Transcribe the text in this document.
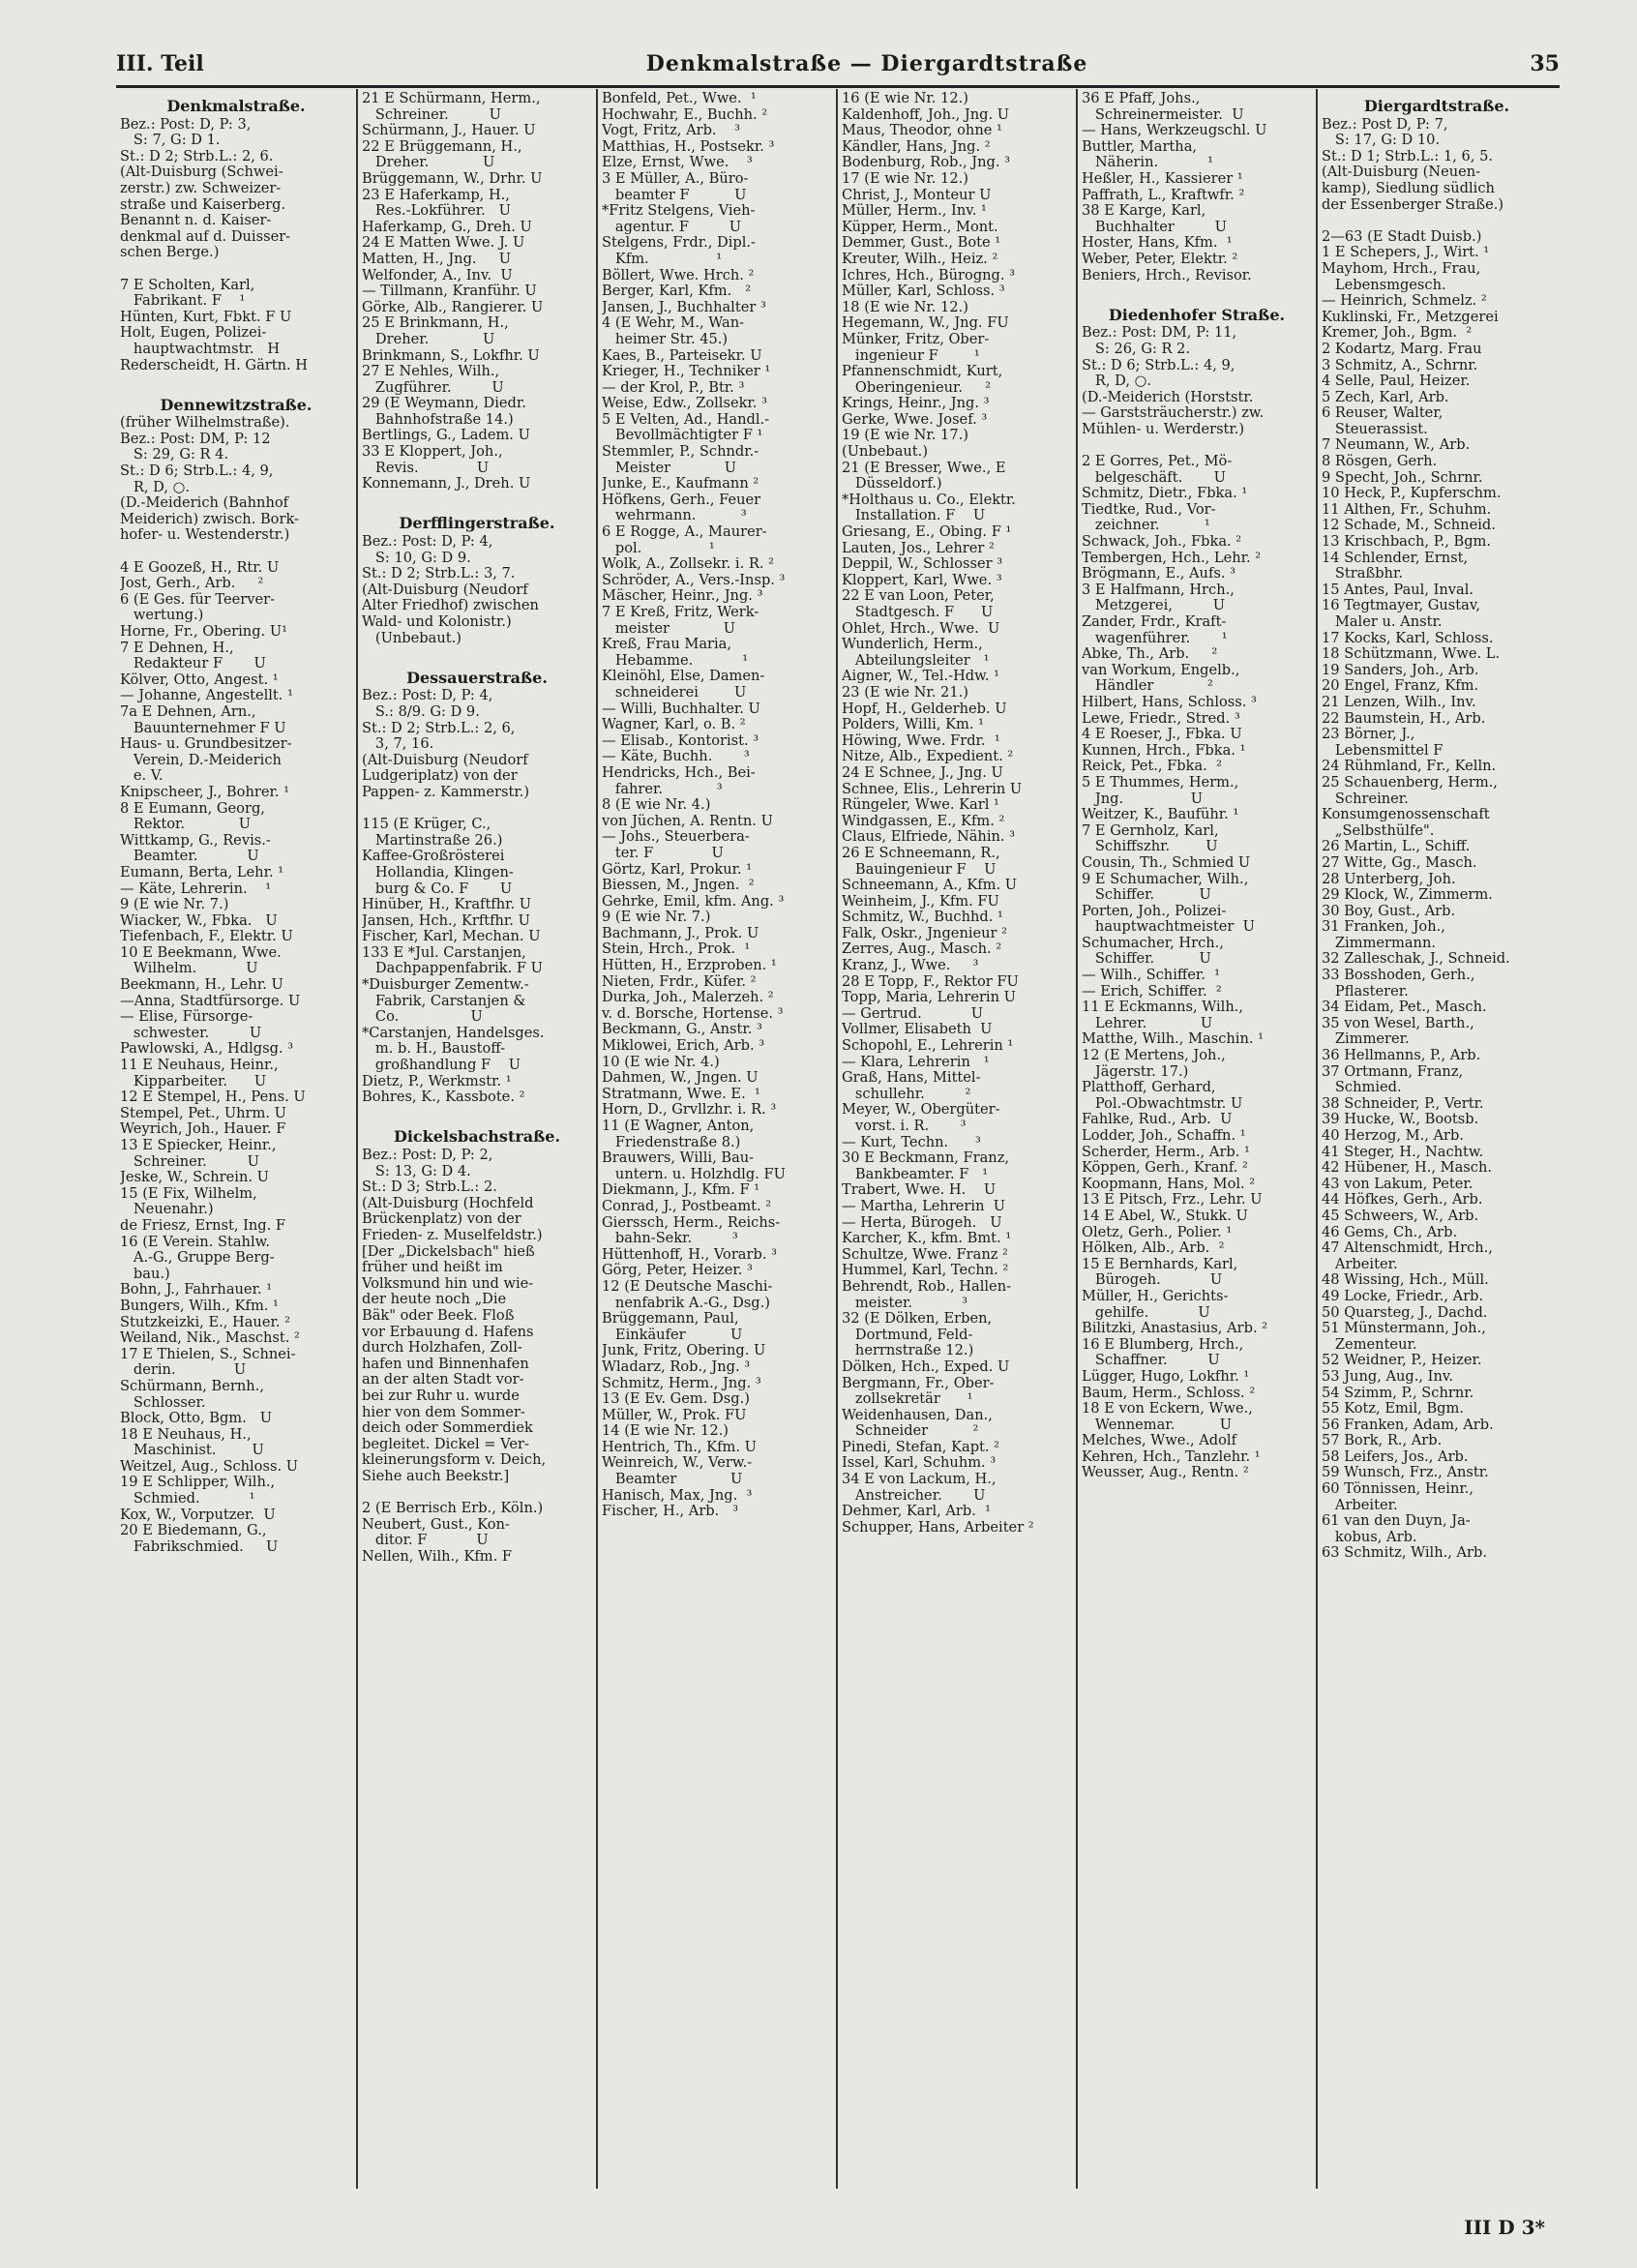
III. Teil	Denkmalstraße — Diergardtstraße	35
Denkmalstraße.
Bez.: Post: D, P: 3,
S: 7, G: D 1.
St.: D 2; Strb.L.: 2, 6.
(Alt-Duisburg (Schwei-
zerstr.) zw. Schweizer-
straße und Kaiserberg.
Benannt n. d. Kaiser-
denkmal auf d. Duisser-
schen Berge.)

7 E Scholten, Karl,
Fabrikant. F    ¹
Hünten, Kurt, Fbkt. F U
Holt, Eugen, Polizei-
hauptwachtmstr.   H
Rederscheidt, H. Gärtn. H

Dennewitzstraße.
(früher Wilhelmstraße).
Bez.: Post: DM, P: 12
S: 29, G: R 4.
St.: D 6; Strb.L.: 4, 9,
R, D, ○.
(D.-Meiderich (Bahnhof
Meiderich) zwisch. Bork-
hofer- u. Westenderstr.)

4 E Goozeß, H., Rtr. U
Jost, Gerh., Arb.     ²
6 (E Ges. für Teerver-
wertung.)
Horne, Fr., Obering. U¹
7 E Dehnen, H.,
Redakteur F       U
Kölver, Otto, Angest. ¹
— Johanne, Angestellt. ¹
7a E Dehnen, Arn.,
Bauunternehmer F U
Haus- u. Grundbesitzer-
Verein, D.-Meiderich
e. V.
Knipscheer, J., Bohrer. ¹
8 E Eumann, Georg,
Rektor.            U
Wittkamp, G., Revis.-
Beamter.           U
Eumann, Berta, Lehr. ¹
— Käte, Lehrerin.    ¹
9 (E wie Nr. 7.)
Wiacker, W., Fbka.   U
Tiefenbach, F., Elektr. U
10 E Beekmann, Wwe.
Wilhelm.           U
Beekmann, H., Lehr. U
—Anna, Stadtfürsorge. U
— Elise, Fürsorge-
schwester.         U
Pawlowski, A., Hdlgsg. ³
11 E Neuhaus, Heinr.,
Kipparbeiter.      U
12 E Stempel, H., Pens. U
Stempel, Pet., Uhrm. U
Weyrich, Joh., Hauer. F
13 E Spiecker, Heinr.,
Schreiner.         U
Jeske, W., Schrein. U
15 (E Fix, Wilhelm,
Neuenahr.)
de Friesz, Ernst, Ing. F
16 (E Verein. Stahlw.
A.-G., Gruppe Berg-
bau.)
Bohn, J., Fahrhauer. ¹
Bungers, Wilh., Kfm. ¹
Stutzkeizki, E., Hauer. ²
Weiland, Nik., Maschst. ²
17 E Thielen, S., Schnei-
derin.             U
Schürmann, Bernh.,
Schlosser.
Block, Otto, Bgm.   U
18 E Neuhaus, H.,
Maschinist.        U
Weitzel, Aug., Schloss. U
19 E Schlipper, Wilh.,
Schmied.           ¹
Kox, W., Vorputzer.  U
20 E Biedemann, G.,
Fabrikschmied.     U
21 E Schürmann, Herm.,
Schreiner.         U
Schürmann, J., Hauer. U
22 E Brüggemann, H.,
Dreher.            U
Brüggemann, W., Drhr. U
23 E Haferkamp, H.,
Res.-Lokführer.   U
Haferkamp, G., Dreh. U
24 E Matten Wwe. J. U
Matten, H., Jng.     U
Welfonder, A., Inv.  U
— Tillmann, Kranführ. U
Görke, Alb., Rangierer. U
25 E Brinkmann, H.,
Dreher.            U
Brinkmann, S., Lokfhr. U
27 E Nehles, Wilh.,
Zugführer.         U
29 (E Weymann, Diedr.
Bahnhofstraße 14.)
Bertlings, G., Ladem. U
33 E Kloppert, Joh.,
Revis.             U
Konnemann, J., Dreh. U

Derfflingerstraße.
Bez.: Post: D, P: 4,
S: 10, G: D 9.
St.: D 2; Strb.L.: 3, 7.
(Alt-Duisburg (Neudorf
Alter Friedhof) zwischen
Wald- und Kolonistr.)
(Unbebaut.)

Dessauerstraße.
Bez.: Post: D, P: 4,
S.: 8/9. G: D 9.
St.: D 2; Strb.L.: 2, 6,
3, 7, 16.
(Alt-Duisburg (Neudorf
Ludgeriplatz) von der
Pappen- z. Kammerstr.)

115 (E Krüger, C.,
Martinstraße 26.)
Kaffee-Großrösterei
Hollandia, Klingen-
burg & Co. F       U
Hinüber, H., Kraftfhr. U
Jansen, Hch., Krftfhr. U
Fischer, Karl, Mechan. U
133 E *Jul. Carstanjen,
Dachpappenfabrik. F U
*Duisburger Zementw.-
Fabrik, Carstanjen &
Co.                U
*Carstanjen, Handelsges.
m. b. H., Baustoff-
großhandlung F    U
Dietz, P., Werkmstr. ¹
Bohres, K., Kassbote. ²

Dickelsbachstraße.
Bez.: Post: D, P: 2,
S: 13, G: D 4.
St.: D 3; Strb.L.: 2.
(Alt-Duisburg (Hochfeld
Brückenplatz) von der
Frieden- z. Muselfeldstr.)
[Der „Dickelsbach" hieß
früher und heißt im
Volksmund hin und wie-
der heute noch „Die
Bäk" oder Beek. Floß
vor Erbauung d. Hafens
durch Holzhafen, Zoll-
hafen und Binnenhafen
an der alten Stadt vor-
bei zur Ruhr u. wurde
hier von dem Sommer-
deich oder Sommerdiek
begleitet. Dickel = Ver-
kleinerungsform v. Deich,
Siehe auch Beekstr.]

2 (E Berrisch Erb., Köln.)
Neubert, Gust., Kon-
ditor. F           U
Nellen, Wilh., Kfm. F
Bonfeld, Pet., Wwe.  ¹
Hochwahr, E., Buchh. ²
Vogt, Fritz, Arb.    ³
Matthias, H., Postsekr. ³
Elze, Ernst, Wwe.    ³
3 E Müller, A., Büro-
beamter F          U
*Fritz Stelgens, Vieh-
agentur. F         U
Stelgens, Frdr., Dipl.-
Kfm.               ¹
Böllert, Wwe. Hrch. ²
Berger, Karl, Kfm.   ²
Jansen, J., Buchhalter ³
4 (E Wehr, M., Wan-
heimer Str. 45.)
Kaes, B., Parteisekr. U
Krieger, H., Techniker ¹
— der Krol, P., Btr. ³
Weise, Edw., Zollsekr. ³
5 E Velten, Ad., Handl.-
Bevollmächtigter F ¹
Stemmler, P., Schndr.-
Meister            U
Junke, E., Kaufmann ²
Höfkens, Gerh., Feuer
wehrmann.          ³
6 E Rogge, A., Maurer-
pol.               ¹
Wolk, A., Zollsekr. i. R. ²
Schröder, A., Vers.-Insp. ³
Mäscher, Heinr., Jng. ³
7 E Kreß, Fritz, Werk-
meister            U
Kreß, Frau Maria,
Hebamme.           ¹
Kleinöhl, Else, Damen-
schneiderei        U
— Willi, Buchhalter. U
Wagner, Karl, o. B. ²
— Elisab., Kontorist. ³
— Käte, Buchh.       ³
Hendricks, Hch., Bei-
fahrer.            ³
8 (E wie Nr. 4.)
von Jüchen, A. Rentn. U
— Johs., Steuerbera-
ter. F             U
Görtz, Karl, Prokur. ¹
Biessen, M., Jngen.  ²
Gehrke, Emil, kfm. Ang. ³
9 (E wie Nr. 7.)
Bachmann, J., Prok. U
Stein, Hrch., Prok.  ¹
Hütten, H., Erzproben. ¹
Nieten, Frdr., Küfer. ²
Durka, Joh., Malerzeh. ²
v. d. Borsche, Hortense. ³
Beckmann, G., Anstr. ³
Miklowei, Erich, Arb. ³
10 (E wie Nr. 4.)
Dahmen, W., Jngen. U
Stratmann, Wwe. E.  ¹
Horn, D., Grvllzhr. i. R. ³
11 (E Wagner, Anton,
Friedenstraße 8.)
Brauwers, Willi, Bau-
untern. u. Holzhdlg. FU
Diekmann, J., Kfm. F ¹
Conrad, J., Postbeamt. ²
Gierssch, Herm., Reichs-
bahn-Sekr.         ³
Hüttenhoff, H., Vorarb. ³
Görg, Peter, Heizer. ³
12 (E Deutsche Maschi-
nenfabrik A.-G., Dsg.)
Brüggemann, Paul,
Einkäufer          U
Junk, Fritz, Obering. U
Wladarz, Rob., Jng. ³
Schmitz, Herm., Jng. ³
13 (E Ev. Gem. Dsg.)
Müller, W., Prok. FU
14 (E wie Nr. 12.)
Hentrich, Th., Kfm. U
Weinreich, W., Verw.-
Beamter            U
Hanisch, Max, Jng.  ³
Fischer, H., Arb.   ³
16 (E wie Nr. 12.)
Kaldenhoff, Joh., Jng. U
Maus, Theodor, ohne ¹
Kändler, Hans, Jng. ²
Bodenburg, Rob., Jng. ³
17 (E wie Nr. 12.)
Christ, J., Monteur U
Müller, Herm., Inv. ¹
Küpper, Herm., Mont.
Demmer, Gust., Bote ¹
Kreuter, Wilh., Heiz. ²
Ichres, Hch., Bürogng. ³
Müller, Karl, Schloss. ³
18 (E wie Nr. 12.)
Hegemann, W., Jng. FU
Münker, Fritz, Ober-
ingenieur F        ¹
Pfannenschmidt, Kurt,
Oberingenieur.     ²
Krings, Heinr., Jng. ³
Gerke, Wwe. Josef. ³
19 (E wie Nr. 17.)
(Unbebaut.)
21 (E Bresser, Wwe., E
Düsseldorf.)
*Holthaus u. Co., Elektr.
Installation. F    U
Griesang, E., Obing. F ¹
Lauten, Jos., Lehrer ²
Deppil, W., Schlosser ³
Kloppert, Karl, Wwe. ³
22 E van Loon, Peter,
Stadtgesch. F      U
Ohlet, Hrch., Wwe.  U
Wunderlich, Herm.,
Abteilungsleiter   ¹
Aigner, W., Tel.-Hdw. ¹
23 (E wie Nr. 21.)
Hopf, H., Gelderheb. U
Polders, Willi, Km. ¹
Höwing, Wwe. Frdr.  ¹
Nitze, Alb., Expedient. ²
24 E Schnee, J., Jng. U
Schnee, Elis., Lehrerin U
Rüngeler, Wwe. Karl ¹
Windgassen, E., Kfm. ²
Claus, Elfriede, Nähin. ³
26 E Schneemann, R.,
Bauingenieur F    U
Schneemann, A., Kfm. U
Weinheim, J., Kfm. FU
Schmitz, W., Buchhd. ¹
Falk, Oskr., Jngenieur ²
Zerres, Aug., Masch. ²
Kranz, J., Wwe.     ³
28 E Topp, F., Rektor FU
Topp, Maria, Lehrerin U
— Gertrud.           U
Vollmer, Elisabeth  U
Schopohl, E., Lehrerin ¹
— Klara, Lehrerin   ¹
Graß, Hans, Mittel-
schullehr.         ²
Meyer, W., Obergüter-
vorst. i. R.       ³
— Kurt, Techn.      ³
30 E Beckmann, Franz,
Bankbeamter. F   ¹
Trabert, Wwe. H.    U
— Martha, Lehrerin  U
— Herta, Bürogeh.   U
Karcher, K., kfm. Bmt. ¹
Schultze, Wwe. Franz ²
Hummel, Karl, Techn. ²
Behrendt, Rob., Hallen-
meister.           ³
32 (E Dölken, Erben,
Dortmund, Feld-
herrnstraße 12.)
Dölken, Hch., Exped. U
Bergmann, Fr., Ober-
zollsekretär      ¹
Weidenhausen, Dan.,
Schneider          ²
Pinedi, Stefan, Kapt. ²
Issel, Karl, Schuhm. ³
34 E von Lackum, H.,
Anstreicher.       U
Dehmer, Karl, Arb.  ¹
Schupper, Hans, Arbeiter ²
36 E Pfaff, Johs.,
Schreinermeister.  U
— Hans, Werkzeugschl. U
Buttler, Martha,
Näherin.           ¹
Heßler, H., Kassierer ¹
Paffrath, L., Kraftwfr. ²
38 E Karge, Karl,
Buchhalter         U
Hoster, Hans, Kfm.  ¹
Weber, Peter, Elektr. ²
Beniers, Hrch., Revisor.

Diedenhofer Straße.
Bez.: Post: DM, P: 11,
S: 26, G: R 2.
St.: D 6; Strb.L.: 4, 9,
R, D, ○.
(D.-Meiderich (Horststr.
— Garststräucherstr.) zw.
Mühlen- u. Werderstr.)

2 E Gorres, Pet., Mö-
belgeschäft.       U
Schmitz, Dietr., Fbka. ¹
Tiedtke, Rud., Vor-
zeichner.          ¹
Schwack, Joh., Fbka. ²
Tembergen, Hch., Lehr. ²
Brögmann, E., Aufs. ³
3 E Halfmann, Hrch.,
Metzgerei,         U
Zander, Frdr., Kraft-
wagenführer.       ¹
Abke, Th., Arb.     ²
van Workum, Engelb.,
Händler            ²
Hilbert, Hans, Schloss. ³
Lewe, Friedr., Stred. ³
4 E Roeser, J., Fbka. U
Kunnen, Hrch., Fbka. ¹
Reick, Pet., Fbka.  ²
5 E Thummes, Herm.,
Jng.               U
Weitzer, K., Bauführ. ¹
7 E Gernholz, Karl,
Schiffszhr.        U
Cousin, Th., Schmied U
9 E Schumacher, Wilh.,
Schiffer.          U
Porten, Joh., Polizei-
hauptwachtmeister  U
Schumacher, Hrch.,
Schiffer.          U
— Wilh., Schiffer.  ¹
— Erich, Schiffer.  ²
11 E Eckmanns, Wilh.,
Lehrer.            U
Matthe, Wilh., Maschin. ¹
12 (E Mertens, Joh.,
Jägerstr. 17.)
Platthoff, Gerhard,
Pol.-Obwachtmstr. U
Fahlke, Rud., Arb.  U
Lodder, Joh., Schaffn. ¹
Scherder, Herm., Arb. ¹
Köppen, Gerh., Kranf. ²
Koopmann, Hans, Mol. ²
13 E Pitsch, Frz., Lehr. U
14 E Abel, W., Stukk. U
Oletz, Gerh., Polier. ¹
Hölken, Alb., Arb.  ²
15 E Bernhards, Karl,
Bürogeh.           U
Müller, H., Gerichts-
gehilfe.           U
Bilitzki, Anastasius, Arb. ²
16 E Blumberg, Hrch.,
Schaffner.         U
Lügger, Hugo, Lokfhr. ¹
Baum, Herm., Schloss. ²
18 E von Eckern, Wwe.,
Wennemar.          U
Melches, Wwe., Adolf
Kehren, Hch., Tanzlehr. ¹
Weusser, Aug., Rentn. ²
Diergardtstraße.
Bez.: Post D, P: 7,
S: 17, G: D 10.
St.: D 1; Strb.L.: 1, 6, 5.
(Alt-Duisburg (Neuen-
kamp), Siedlung südlich
der Essenberger Straße.)

2—63 (E Stadt Duisb.)
1 E Schepers, J., Wirt. ¹
Mayhom, Hrch., Frau,
Lebensmgesch.
— Heinrich, Schmelz. ²
Kuklinski, Fr., Metzgerei
Kremer, Joh., Bgm.  ²
2 Kodartz, Marg. Frau
3 Schmitz, A., Schrnr.
4 Selle, Paul, Heizer.
5 Zech, Karl, Arb.
6 Reuser, Walter,
Steuerassist.
7 Neumann, W., Arb.
8 Rösgen, Gerh.
9 Specht, Joh., Schrnr.
10 Heck, P., Kupferschm.
11 Althen, Fr., Schuhm.
12 Schade, M., Schneid.
13 Krischbach, P., Bgm.
14 Schlender, Ernst,
Straßbhr.
15 Antes, Paul, Inval.
16 Tegtmayer, Gustav,
Maler u. Anstr.
17 Kocks, Karl, Schloss.
18 Schützmann, Wwe. L.
19 Sanders, Joh., Arb.
20 Engel, Franz, Kfm.
21 Lenzen, Wilh., Inv.
22 Baumstein, H., Arb.
23 Börner, J.,
Lebensmittel F
24 Rühmland, Fr., Kelln.
25 Schauenberg, Herm.,
Schreiner.
Konsumgenossenschaft
„Selbsthülfe".
26 Martin, L., Schiff.
27 Witte, Gg., Masch.
28 Unterberg, Joh.
29 Klock, W., Zimmerm.
30 Boy, Gust., Arb.
31 Franken, Joh.,
Zimmermann.
32 Zalleschak, J., Schneid.
33 Bosshoden, Gerh.,
Pflasterer.
34 Eidam, Pet., Masch.
35 von Wesel, Barth.,
Zimmerer.
36 Hellmanns, P., Arb.
37 Ortmann, Franz,
Schmied.
38 Schneider, P., Vertr.
39 Hucke, W., Bootsb.
40 Herzog, M., Arb.
41 Steger, H., Nachtw.
42 Hübener, H., Masch.
43 von Lakum, Peter.
44 Höfkes, Gerh., Arb.
45 Schweers, W., Arb.
46 Gems, Ch., Arb.
47 Altenschmidt, Hrch.,
Arbeiter.
48 Wissing, Hch., Müll.
49 Locke, Friedr., Arb.
50 Quarsteg, J., Dachd.
51 Münstermann, Joh.,
Zementeur.
52 Weidner, P., Heizer.
53 Jung, Aug., Inv.
54 Szimm, P., Schrnr.
55 Kotz, Emil, Bgm.
56 Franken, Adam, Arb.
57 Bork, R., Arb.
58 Leifers, Jos., Arb.
59 Wunsch, Frz., Anstr.
60 Tönnissen, Heinr.,
Arbeiter.
61 van den Duyn, Ja-
kobus, Arb.
63 Schmitz, Wilh., Arb.
III D 3*
